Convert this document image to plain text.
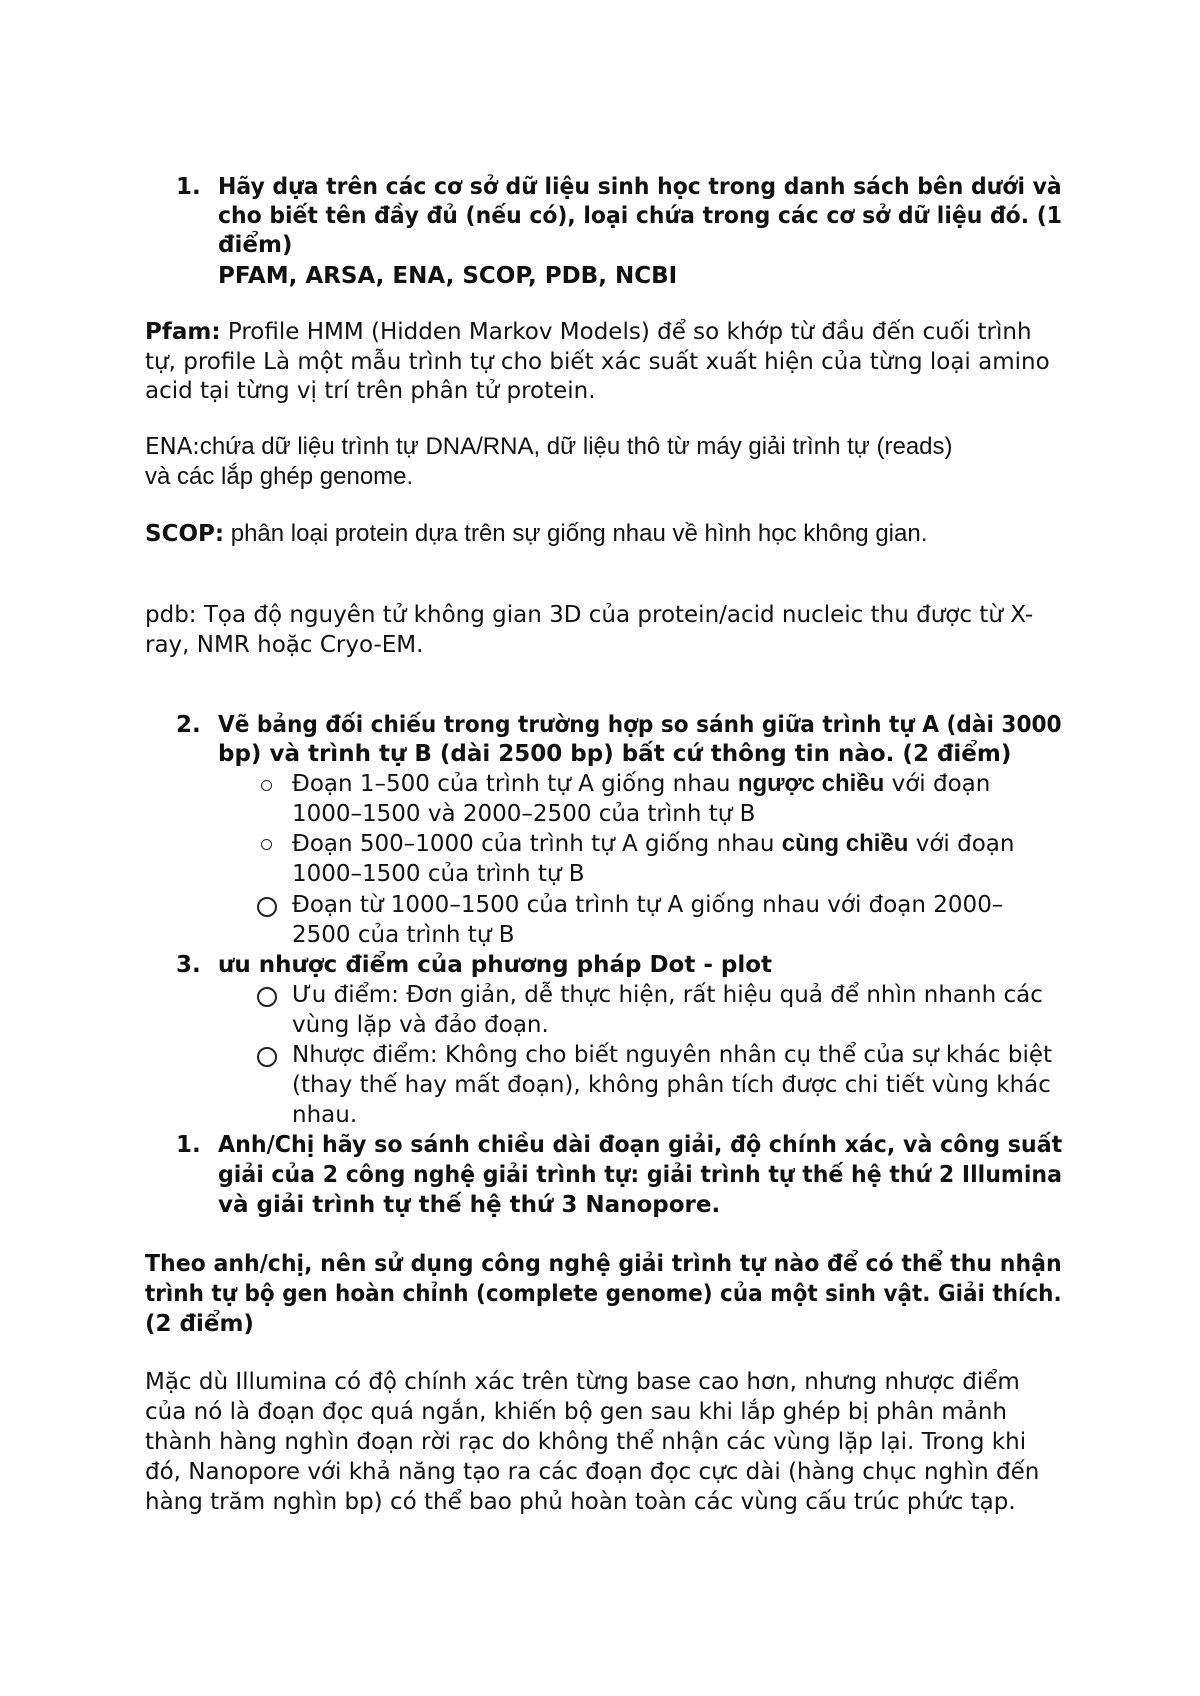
1. Hãy dựa trên các cơ sở dữ liệu sinh học trong danh sách bên dưới và
cho biết tên đầy đủ (nếu có), loại chứa trong các cơ sở dữ liệu đó. (1
điểm)
PFAM, ARSA, ENA, SCOP, PDB, NCBI
Pfam: Profile HMM (Hidden Markov Models) để so khớp từ đầu đến cuối trình
tự, profile Là một mẫu trình tự cho biết xác suất xuất hiện của từng loại amino
acid tại từng vị trí trên phân tử protein.
ENA:chứa dữ liệu trình tự DNA/RNA, dữ liệu thô từ máy giải trình tự (reads)
và các lắp ghép genome.
SCOP: phân loại protein dựa trên sự giống nhau về hình học không gian.
pdb: Tọa độ nguyên tử không gian 3D của protein/acid nucleic thu được từ X-
ray, NMR hoặc Cryo-EM.
2. Vẽ bảng đối chiếu trong trường hợp so sánh giữa trình tự A (dài 3000
bp) và trình tự B (dài 2500 bp) bất cứ thông tin nào. (2 điểm)
Đoạn 1–500 của trình tự A giống nhau ngược chiều với đoạn
1000–1500 và 2000–2500 của trình tự B
Đoạn 500–1000 của trình tự A giống nhau cùng chiều với đoạn
1000–1500 của trình tự B
Đoạn từ 1000–1500 của trình tự A giống nhau với đoạn 2000–
2500 của trình tự B
3. ưu nhược điểm của phương pháp Dot - plot
Ưu điểm: Đơn giản, dễ thực hiện, rất hiệu quả để nhìn nhanh các
vùng lặp và đảo đoạn.
Nhược điểm: Không cho biết nguyên nhân cụ thể của sự khác biệt
(thay thế hay mất đoạn), không phân tích được chi tiết vùng khác
nhau.
1. Anh/Chị hãy so sánh chiều dài đoạn giải, độ chính xác, và công suất
giải của 2 công nghệ giải trình tự: giải trình tự thế hệ thứ 2 Illumina
và giải trình tự thế hệ thứ 3 Nanopore.
Theo anh/chị, nên sử dụng công nghệ giải trình tự nào để có thể thu nhận
trình tự bộ gen hoàn chỉnh (complete genome) của một sinh vật. Giải thích.
(2 điểm)
Mặc dù Illumina có độ chính xác trên từng base cao hơn, nhưng nhược điểm
của nó là đoạn đọc quá ngắn, khiến bộ gen sau khi lắp ghép bị phân mảnh
thành hàng nghìn đoạn rời rạc do không thể nhận các vùng lặp lại. Trong khi
đó, Nanopore với khả năng tạo ra các đoạn đọc cực dài (hàng chục nghìn đến
hàng trăm nghìn bp) có thể bao phủ hoàn toàn các vùng cấu trúc phức tạp.
